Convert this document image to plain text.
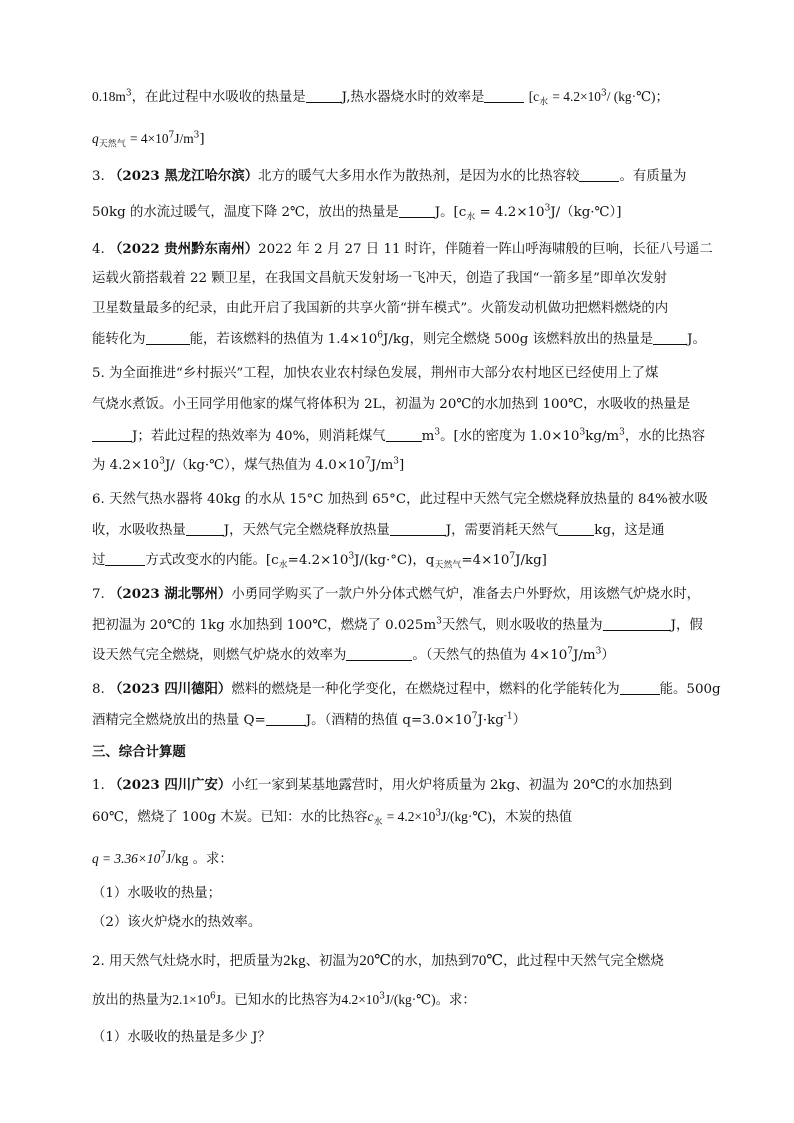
$0.18m^3$，在此过程中水吸收的热量是	J,热水器烧水时的效率是	[$c_水 = 4.2\times 10^3/$ (kg·℃)；
$q_{天然气} = 4\times 10^7J/m^3$]
3. （2023 黑龙江哈尔滨）北方的暖气大多用水作为散热剂，是因为水的比热容较	。有质量为
50kg 的水流过暖气，温度下降 2℃，放出的热量是	J。[$c_水$ = $4.2\times 10^3J/(kg\cdot℃)$]
4. （2022 贵州黔东南州）2022 年 2 月 27 日 11 时许，伴随着一阵山呼海啸般的巨响，长征八号遥二
运载火箭搭载着 22 颗卫星，在我国文昌航天发射场一飞冲天，创造了我国“一箭多星”即单次发射
卫星数量最多的纪录，由此开启了我国新的共享火箭“拼车模式”。火箭发动机做功把燃料燃烧的内
能转化为	能，若该燃料的热值为 $1.4\times 10^6J/kg$，则完全燃烧 500g 该燃料放出的热量是	J。
5. 为全面推进“乡村振兴”工程，加快农业农村绿色发展，荆州市大部分农村地区已经使用上了煤
气烧水煮饭。小王同学用他家的煤气将体积为 2L，初温为 20℃的水加热到 100℃，水吸收的热量是
J；若此过程的热效率为 40%，则消耗煤气	$m^3$。[水的密度为 $1.0\times 10^3kg/m^3$，水的比热容
为 $4.2\times 10^3J/(kg\cdot℃)$，煤气热值为 $4.0\times 10^7J/m^3$]
6. 天然气热水器将 40kg 的水从 15°C 加热到 65°C，此过程中天然气完全燃烧释放热量的 84%被水吸
收，水吸收热量	J，天然气完全燃烧释放热量	J，需要消耗天然气	kg，这是通
过	方式改变水的内能。[$c_水=4.2\times 10^3J/(kg\cdot^\circ C)$，$q_{天然气}=4\times 10^7J/kg$]
7. （2023 湖北鄂州）小勇同学购买了一款户外分体式燃气炉，准备去户外野炊，用该燃气炉烧水时，
把初温为 20℃的 1kg 水加热到 100℃，燃烧了 $0.025m^3$天然气，则水吸收的热量为	J，假
设天然气完全燃烧，则燃气炉烧水的效率为	。（天然气的热值为 $4\times 10^7J/m^3$）
8. （2023 四川德阳）燃料的燃烧是一种化学变化，在燃烧过程中，燃料的化学能转化为	能。500g
酒精完全燃烧放出的热量 Q=	J。（酒精的热值 $q=3.0\times 10^7J\cdot kg^{-1}$）
三、综合计算题
1. （2023 四川广安）小红一家到某基地露营时，用火炉将质量为 2kg、初温为 20℃的水加热到
60℃，燃烧了 100g 木炭。已知：水的比热容$c_水$ = $4.2\times 10^3J/(kg\cdot℃)$，木炭的热值
$q = 3.36\times 10^7J/kg$ 。求：
（1）水吸收的热量；
（2）该火炉烧水的热效率。
2. 用天然气灶烧水时，把质量为2kg、初温为20℃的水，加热到70℃，此过程中天然气完全燃烧
放出的热量为$2.1\times 10^6J$。已知水的比热容为$4.2\times 10^3J/(kg\cdot℃)$。求：
（1）水吸收的热量是多少 J？
